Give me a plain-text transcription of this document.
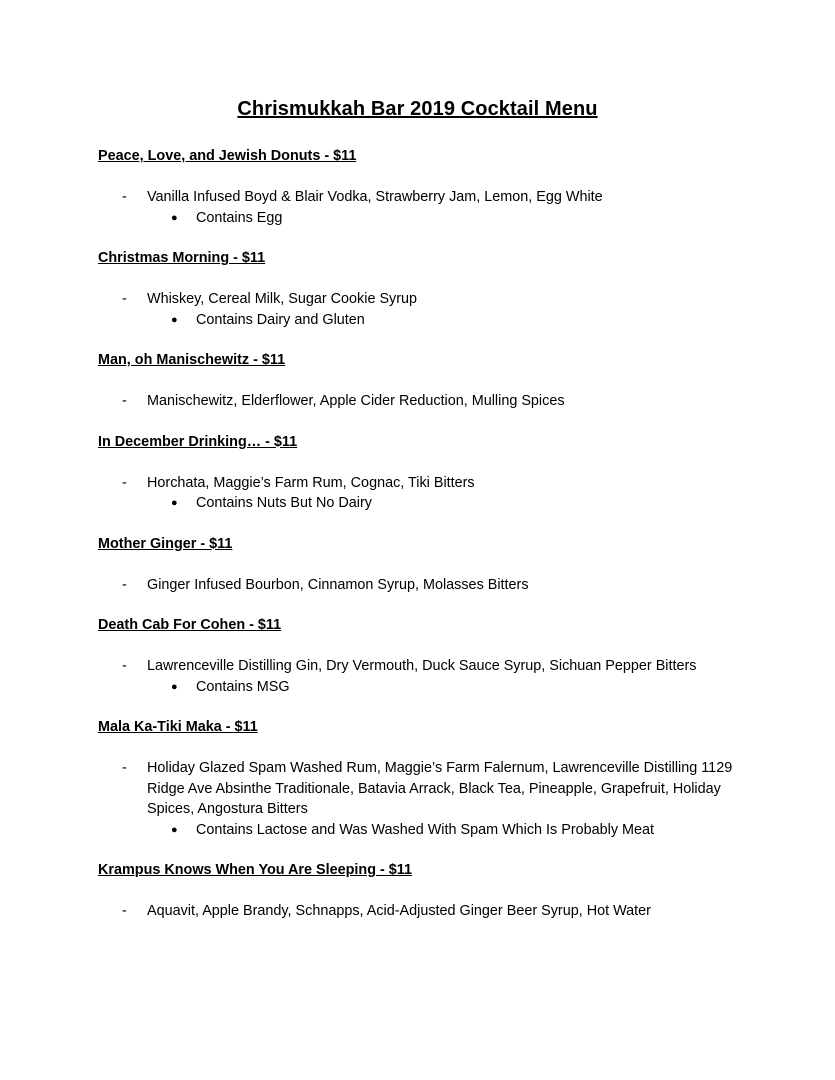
Chrismukkah Bar 2019 Cocktail Menu
Peace, Love, and Jewish Donuts - $11
- Vanilla Infused Boyd & Blair Vodka, Strawberry Jam, Lemon, Egg White
● Contains Egg
Christmas Morning - $11
- Whiskey, Cereal Milk, Sugar Cookie Syrup
● Contains Dairy and Gluten
Man, oh Manischewitz - $11
- Manischewitz, Elderflower, Apple Cider Reduction, Mulling Spices
In December Drinking… - $11
- Horchata, Maggie’s Farm Rum, Cognac, Tiki Bitters
● Contains Nuts But No Dairy
Mother Ginger - $11
- Ginger Infused Bourbon, Cinnamon Syrup, Molasses Bitters
Death Cab For Cohen - $11
- Lawrenceville Distilling Gin, Dry Vermouth, Duck Sauce Syrup, Sichuan Pepper Bitters
● Contains MSG
Mala Ka-Tiki Maka - $11
- Holiday Glazed Spam Washed Rum, Maggie’s Farm Falernum, Lawrenceville Distilling 1129 Ridge Ave Absinthe Traditionale, Batavia Arrack, Black Tea, Pineapple, Grapefruit, Holiday Spices, Angostura Bitters
● Contains Lactose and Was Washed With Spam Which Is Probably Meat
Krampus Knows When You Are Sleeping - $11
- Aquavit, Apple Brandy, Schnapps, Acid-Adjusted Ginger Beer Syrup, Hot Water
